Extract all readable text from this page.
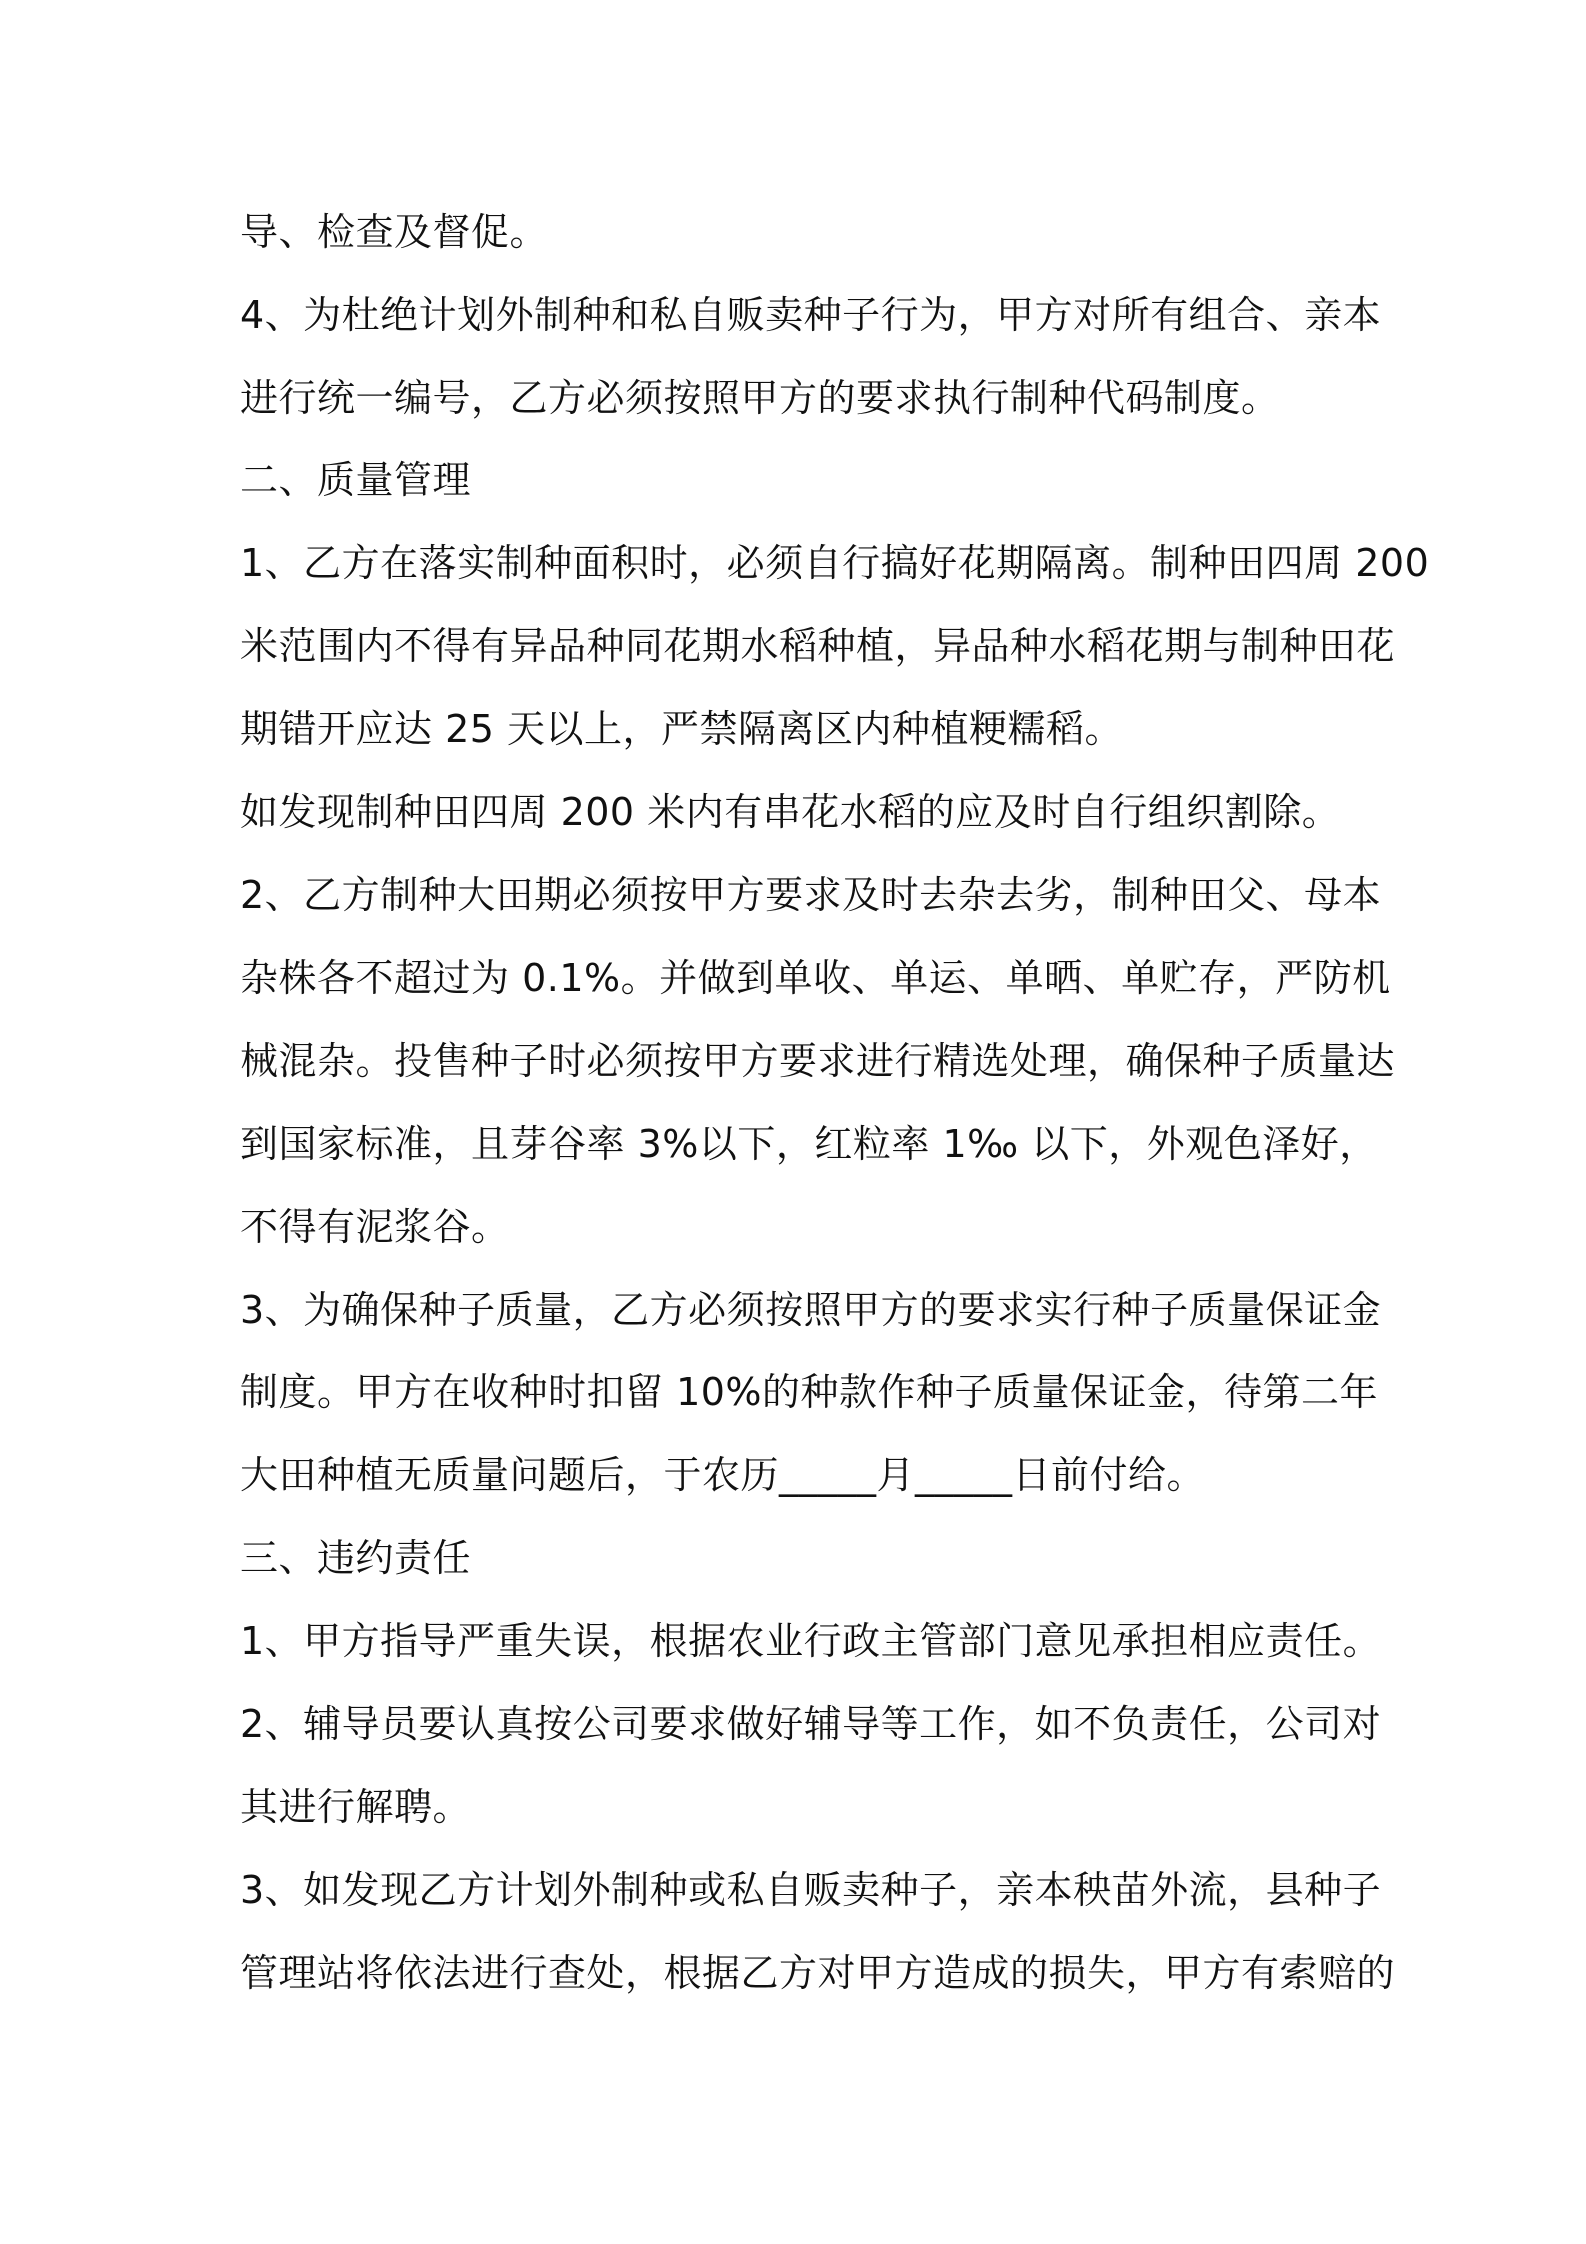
导、检查及督促。
4、为杜绝计划外制种和私自贩卖种子行为，甲方对所有组合、亲本
进行统一编号，乙方必须按照甲方的要求执行制种代码制度。
二、质量管理
1、乙方在落实制种面积时，必须自行搞好花期隔离。制种田四周 200
米范围内不得有异品种同花期水稻种植，异品种水稻花期与制种田花
期错开应达 25 天以上，严禁隔离区内种植粳糯稻。
如发现制种田四周 200 米内有串花水稻的应及时自行组织割除。
2、乙方制种大田期必须按甲方要求及时去杂去劣，制种田父、母本
杂株各不超过为 0.1%。并做到单收、单运、单晒、单贮存，严防机
械混杂。投售种子时必须按甲方要求进行精选处理，确保种子质量达
到国家标准，且芽谷率 3%以下，红粒率 1‰ 以下，外观色泽好，
不得有泥浆谷。
3、为确保种子质量，乙方必须按照甲方的要求实行种子质量保证金
制度。甲方在收种时扣留 10%的种款作种子质量保证金，待第二年
大田种植无质量问题后，于农历_____月_____日前付给。
三、违约责任
1、甲方指导严重失误，根据农业行政主管部门意见承担相应责任。
2、辅导员要认真按公司要求做好辅导等工作，如不负责任，公司对
其进行解聘。
3、如发现乙方计划外制种或私自贩卖种子，亲本秧苗外流，县种子
管理站将依法进行查处，根据乙方对甲方造成的损失，甲方有索赔的
